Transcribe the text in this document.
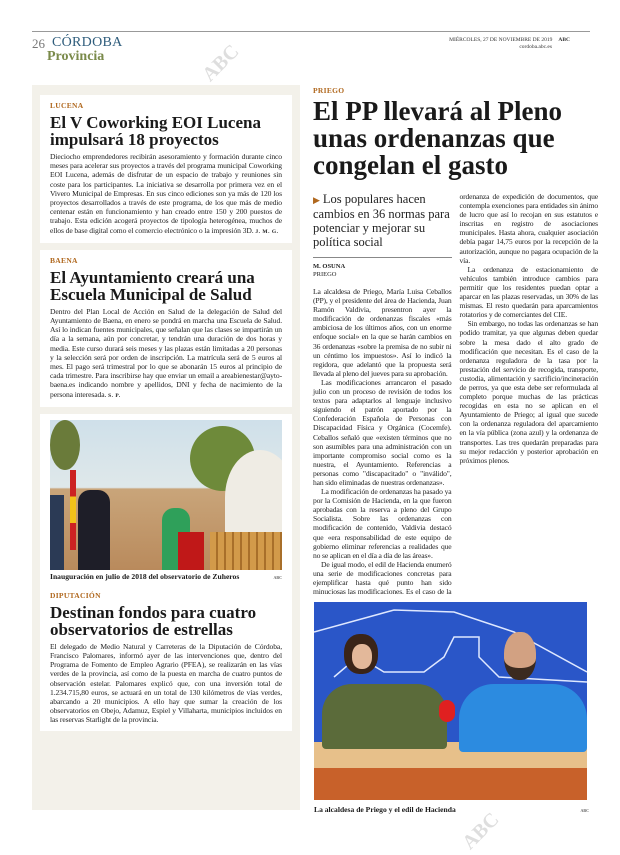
26 CÓRDOBA
Provincia
MIÉRCOLES, 27 DE NOVIEMBRE DE 2019 ABC
cordoba.abc.es
LUCENA
El V Coworking EOI Lucena impulsará 18 proyectos
Dieciocho emprendedores recibirán asesoramiento y formación durante cinco meses para acelerar sus proyectos a través del programa municipal Coworking EOI Lucena, además de disfrutar de un espacio de trabajo y reuniones sin coste para los participantes. La iniciativa se desarrolla por primera vez en el Vivero Municipal de Empresas. En sus cinco ediciones son ya más de 120 los proyectos desarrollados a través de este programa, de los que más de medio centenar están en funcionamiento y han creado entre 150 y 200 puestos de trabajo. Esta edición acogerá proyectos de tipología heterogénea, muchos de ellos de base digital como el comercio electrónico o la impresión 3D. J. M. G.
BAENA
El Ayuntamiento creará una Escuela Municipal de Salud
Dentro del Plan Local de Acción en Salud de la delegación de Salud del Ayuntamiento de Baena, en enero se pondrá en marcha una Escuela de Salud. Así lo indican fuentes municipales, que señalan que las clases se impartirán un día a la semana, aún por concretar, y tendrán una duración de dos horas y media. Este curso durará seis meses y las plazas están limitadas a 20 personas y la selección será por orden de inscripción. La matrícula será de 5 euros al mes. El pago será trimestral por lo que se abonarán 15 euros al principio de cada trimestre. Para inscribirse hay que enviar un email a areabienestar@ayto-baena.es indicando nombre y apellidos, DNI y fecha de nacimiento de la persona interesada. S. P.
Inauguración en julio de 2018 del observatorio de Zuheros	ABC
DIPUTACIÓN
Destinan fondos para cuatro observatorios de estrellas
El delegado de Medio Natural y Carreteras de la Diputación de Córdoba, Francisco Palomares, informó ayer de las intervenciones que, dentro del Programa de Fomento de Empleo Agrario (PFEA), se realizarán en las vías verdes de la provincia, así como de la puesta en marcha de cuatro puntos de observación estelar. Palomares explicó que, con una inversión total de 1.234.715,80 euros, se actuará en un total de 130 kilómetros de vías verdes, abarcando a 20 municipios. A ello hay que sumar la creación de los observatorios en Obejo, Adamuz, Espiel y Villaharta, municipios incluidos en las reservas Starlight de la provincia.
PRIEGO
El PP llevará al Pleno unas ordenanzas que congelan el gasto
▶ Los populares hacen cambios en 36 normas para potenciar y mejorar su política social
M. OSUNA
PRIEGO

La alcaldesa de Priego, María Luisa Ceballos (PP), y el presidente del área de Hacienda, Juan Ramón Valdivia, presentron ayer la modificación de ordenanzas fiscales «más ambiciosa de los últimos años, con un enorme enfoque social» en la que se harán cambios en 36 ordenanzas «sobre la premisa de no subir ni un céntimo los impuestos». Así lo indicó la regidora, que adelantó que la propuesta será llevada al pleno del jueves para su aprobación.

Las modificaciones arrancaron el pasado julio con un proceso de revisión de todos los textos para adaptarlos al lenguaje inclusivo siguiendo el patrón aportado por la Confederación Española de Personas con Discapacidad Física y Orgánica (Cocemfe). Ceballos señaló que «existen términos que no son asumibles para una administración con un importante compromiso social como es la nuestra, el Ayuntamiento. Referencias a personas como "discapacitado" o "inválido", han sido eliminadas de nuestras ordenanzas».

La modificación de ordenanzas ha pasado ya por la Comisión de Hacienda, en la que fueron aprobadas con la reserva a pleno del Grupo Socialista. Sobre las ordenanzas con modificación de contenido, Valdivia destacó que «era responsabilidad de este equipo de gobierno eliminar referencias a realidades que no se aplican en el día a día de las áreas».

De igual modo, el edil de Hacienda enumeró una serie de modificaciones concretas para ejemplificar hasta qué punto han sido minuciosas las modificaciones. Es el caso de la ordenanza de expedición de documentos, que contempla exenciones para entidades sin ánimo de lucro que así lo recojan en sus estatutos e inscritas en registro de asociaciones municipales. Hasta ahora, cualquier asociación debía pagar 14,75 euros por la recepción de la autorización, aunque no pagara ocupación de la vía.

La ordenanza de estacionamiento de vehículos también introduce cambios para permitir que los residentes puedan optar a aparcar en las plazas reservadas, un 30% de las mismas. El resto quedarán para aparcamientos rotatorios y de comerciantes del CIE.

Sin embargo, no todas las ordenanzas se han podido tramitar, ya que algunas deben quedar sobre la mesa dado el alto grado de modificación que necesitan. Es el caso de la ordenanza reguladora de la tasa por la prestación del servicio de recogida, transporte, custodia, alimentación y sacrificio/incineración de perros, ya que esta debe ser reformulada al completo porque muchas de las prácticas recogidas en esta no se aplican en el Ayuntamiento de Priego; al igual que sucede con la ordenanza reguladora del aparcamiento en la vía pública (zona azul) y la ordenanza de transportes. Las tres quedarán preparadas para su mejor redacción y posterior aprobación en próximos plenos.

La alcaldesa de Priego y el edil de Hacienda	ABC
ABC
ABC
